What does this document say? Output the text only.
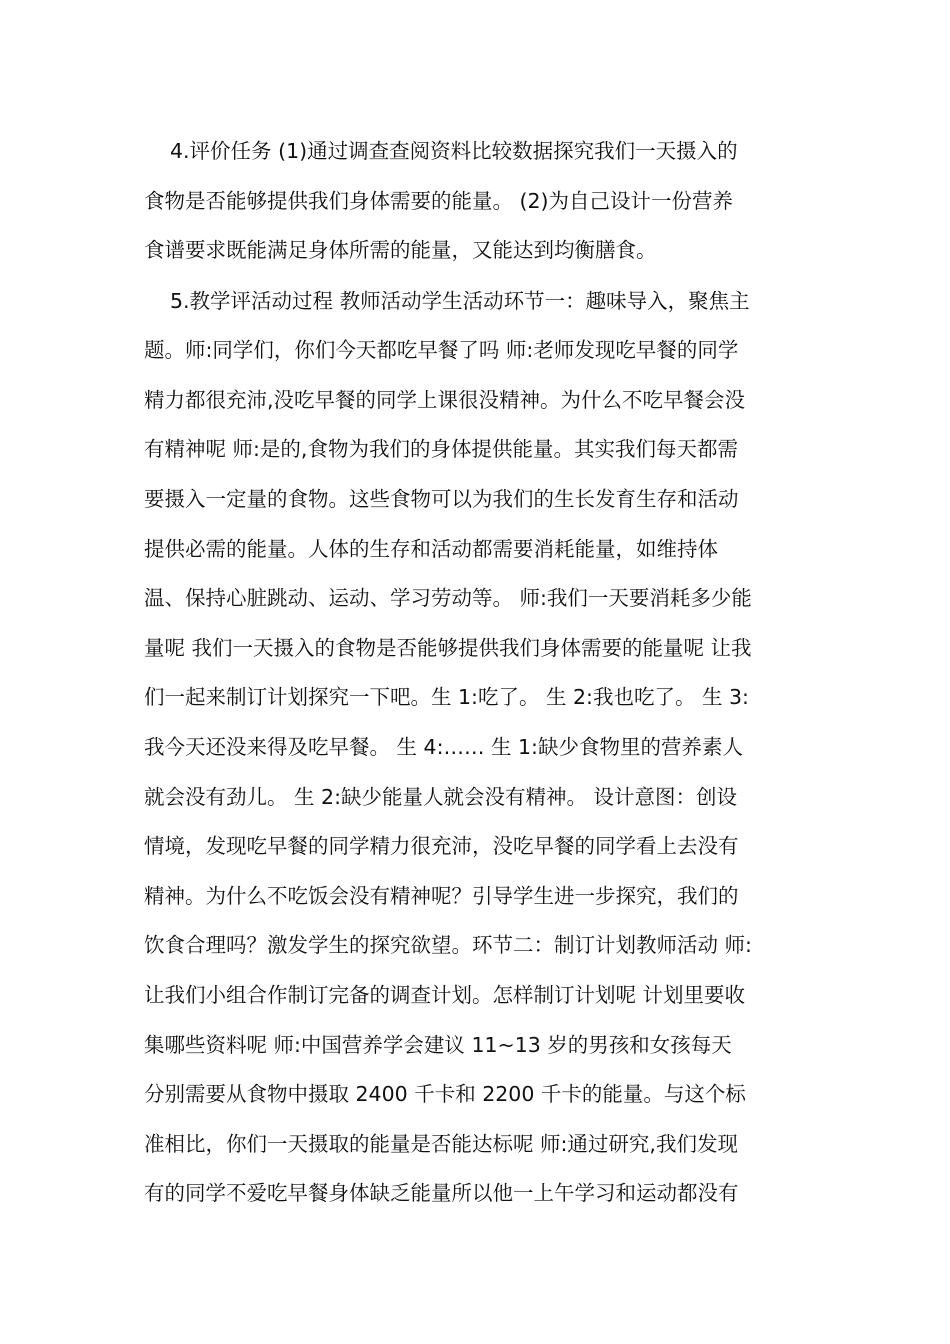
4.评价任务 (1)通过调查查阅资料比较数据探究我们一天摄入的
食物是否能够提供我们身体需要的能量。 (2)为自己设计一份营养
食谱要求既能满足身体所需的能量，又能达到均衡膳食。
5.教学评活动过程 教师活动学生活动环节一：趣味导入，聚焦主
题。师:同学们，你们今天都吃早餐了吗 师:老师发现吃早餐的同学
精力都很充沛,没吃早餐的同学上课很没精神。为什么不吃早餐会没
有精神呢 师:是的,食物为我们的身体提供能量。其实我们每天都需
要摄入一定量的食物。这些食物可以为我们的生长发育生存和活动
提供必需的能量。人体的生存和活动都需要消耗能量，如维持体
温、保持心脏跳动、运动、学习劳动等。 师:我们一天要消耗多少能
量呢 我们一天摄入的食物是否能够提供我们身体需要的能量呢 让我
们一起来制订计划探究一下吧。生 1:吃了。 生 2:我也吃了。 生 3:
我今天还没来得及吃早餐。 生 4:…… 生 1:缺少食物里的营养素人
就会没有劲儿。 生 2:缺少能量人就会没有精神。 设计意图：创设
情境，发现吃早餐的同学精力很充沛，没吃早餐的同学看上去没有
精神。为什么不吃饭会没有精神呢？引导学生进一步探究，我们的
饮食合理吗？激发学生的探究欲望。环节二：制订计划教师活动 师:
让我们小组合作制订完备的调查计划。怎样制订计划呢 计划里要收
集哪些资料呢 师:中国营养学会建议 11~13 岁的男孩和女孩每天
分别需要从食物中摄取 2400 千卡和 2200 千卡的能量。与这个标
准相比，你们一天摄取的能量是否能达标呢 师:通过研究,我们发现
有的同学不爱吃早餐身体缺乏能量所以他一上午学习和运动都没有
